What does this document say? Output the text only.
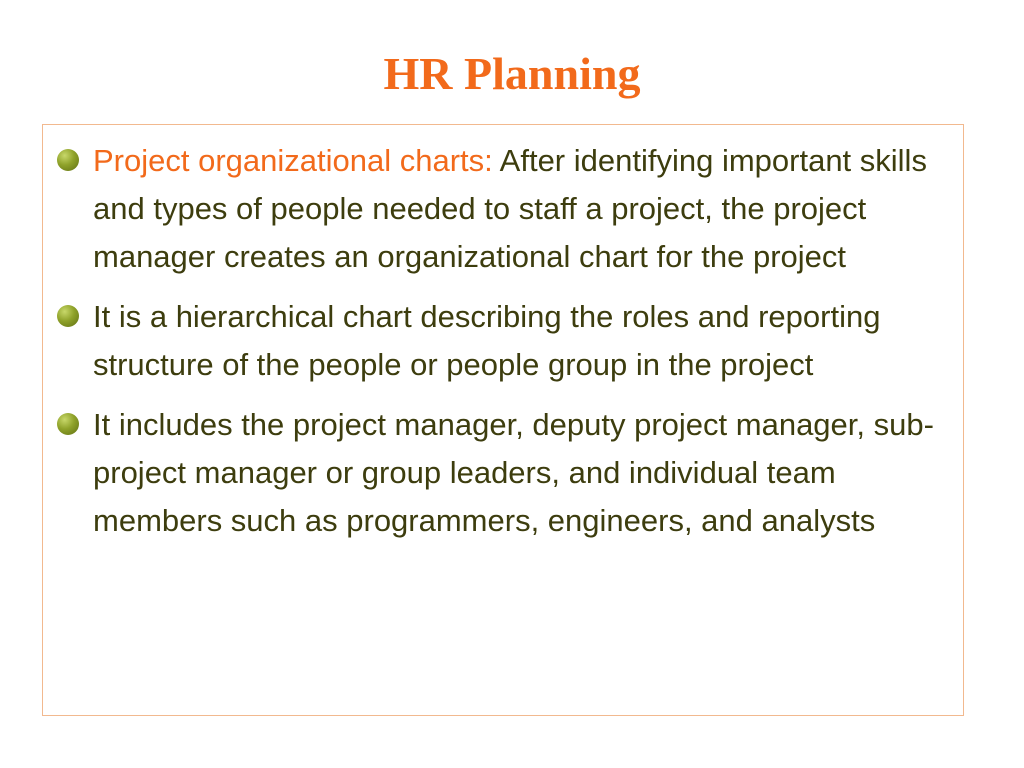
HR Planning
Project organizational charts: After identifying important skills and types of people needed to staff a project, the project manager creates an organizational chart for the project
It is a hierarchical chart describing the roles and reporting structure of the people or people group in the project
It includes the project manager, deputy project manager, sub-project manager or group leaders, and individual team members such as programmers, engineers, and analysts
